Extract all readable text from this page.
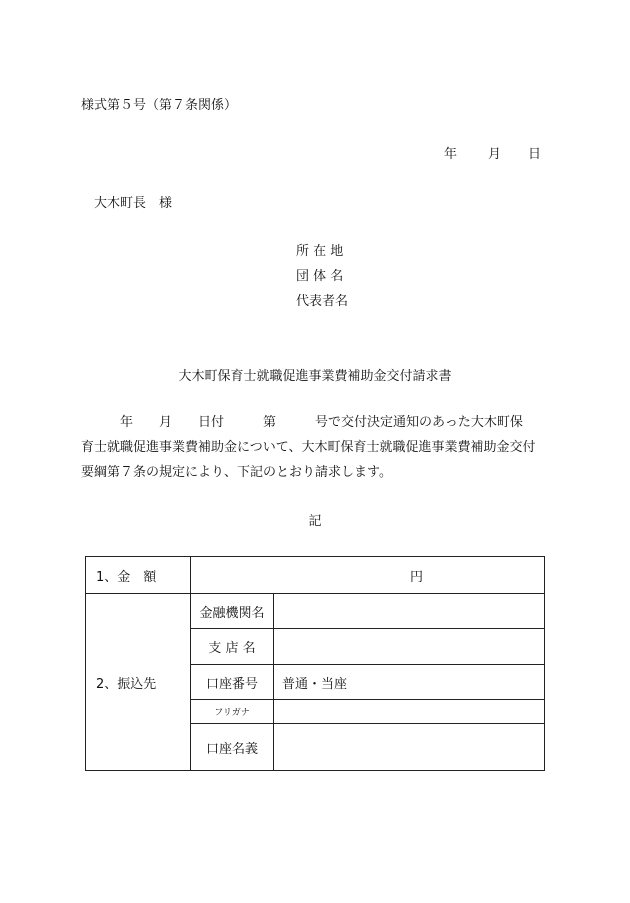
様式第５号（第７条関係）
年 月 日
大木町長　様
所 在 地
団 体 名
代表者名
大木町保育士就職促進事業費補助金交付請求書
　　　年　　月　　日付　　　第　　　号で交付決定通知のあった大木町保
育士就職促進事業費補助金について、大木町保育士就職促進事業費補助金交付
要綱第７条の規定により、下記のとおり請求します。
記
1、金　額	円	
2、振込先	金融機関名	
	支 店 名	
	口座番号	普通・当座
	フリガナ	
	口座名義	
